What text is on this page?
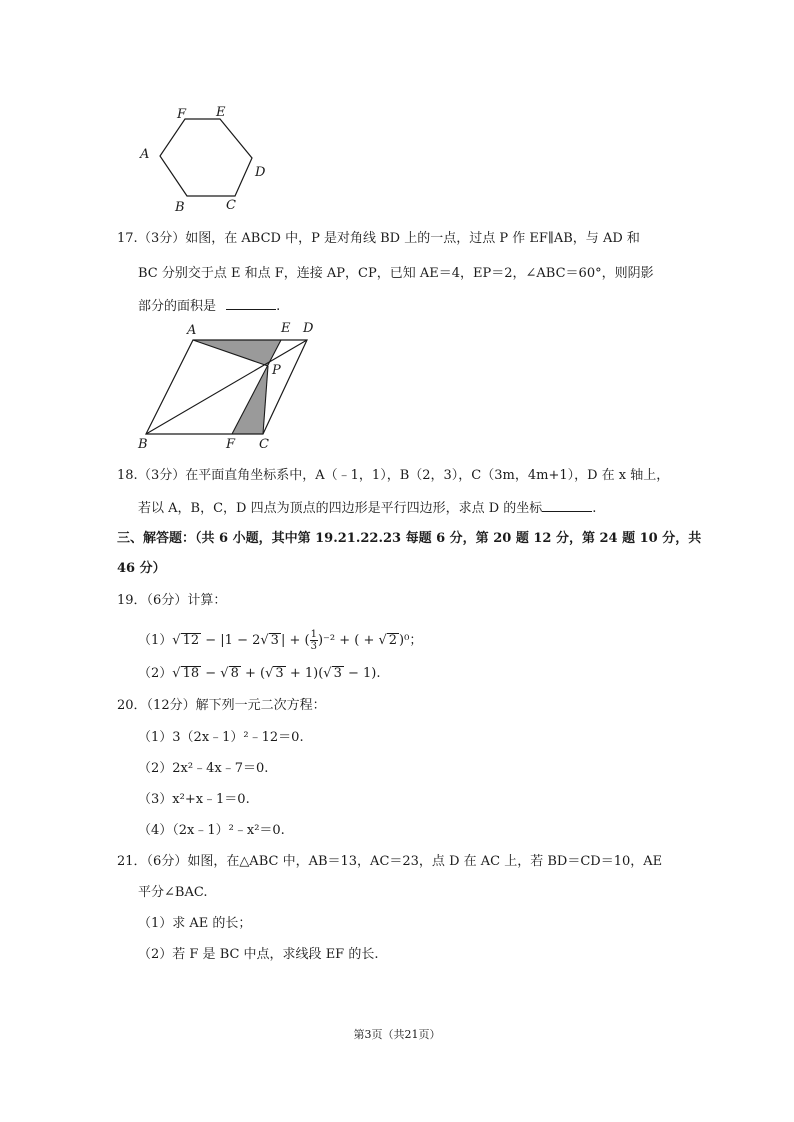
F E
A
D
B	C
17. （3分）如图，在 ABCD 中，P 是对角线 BD 上的一点，过点 P 作 EF∥AB，与 AD 和
BC 分别交于点 E 和点 F，连接 AP，CP，已知 AE＝4，EP＝2，∠ABC＝60°，则阴影
部分的面积是	.
A	E D
P
B	F C
18. （3分）在平面直角坐标系中，A（﹣1，1），B（2，3），C（3m，4m+1），D 在 x 轴上，
若以 A，B，C，D 四点为顶点的四边形是平行四边形，求点 D 的坐标	.
三、解答题：（共 6 小题，其中第 19.21.22.23 每题 6 分，第 20 题 12 分，第 24 题 10 分，共
46 分）
19．（6分）计算：
（1）√ 12 − |1 − 2√ 3 | + ( $\frac{1}{3} )^{-2}$ + ( + √ 2 )⁰；
（2）√ 18 − √ 8 + (√ 3 + 1)(√ 3 − 1).
20．（12分）解下列一元二次方程：
（1）3（2x﹣1）²﹣12＝0.
（2）2x²﹣4x﹣7＝0.
（3）x²+x﹣1＝0.
（4）（2x﹣1）²﹣x²＝0.
21．（6分）如图，在△ABC 中，AB＝13，AC＝23，点 D 在 AC 上，若 BD＝CD＝10，AE
平分∠BAC.
（1）求 AE 的长；
（2）若 F 是 BC 中点，求线段 EF 的长.
第3页（共21页）
